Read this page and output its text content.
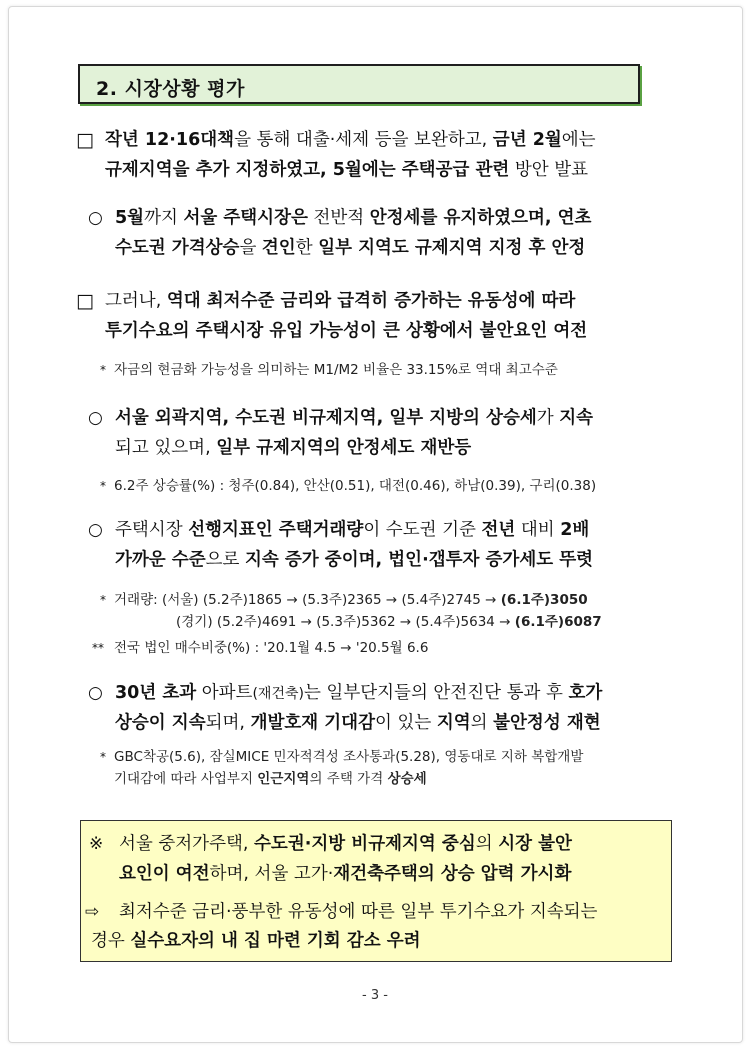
2. 시장상황 평가
□ 작년 12·16대책을 통해 대출·세제 등을 보완하고, 금년 2월에는
규제지역을 추가 지정하였고, 5월에는 주택공급 관련 방안 발표
○ 5월까지 서울 주택시장은 전반적 안정세를 유지하였으며, 연초
수도권 가격상승을 견인한 일부 지역도 규제지역 지정 후 안정
□ 그러나, 역대 최저수준 금리와 급격히 증가하는 유동성에 따라
투기수요의 주택시장 유입 가능성이 큰 상황에서 불안요인 여전
* 자금의 현금화 가능성을 의미하는 M1/M2 비율은 33.15%로 역대 최고수준
○ 서울 외곽지역, 수도권 비규제지역, 일부 지방의 상승세가 지속
되고 있으며, 일부 규제지역의 안정세도 재반등
* 6.2주 상승률(%) : 청주(0.84), 안산(0.51), 대전(0.46), 하남(0.39), 구리(0.38)
○ 주택시장 선행지표인 주택거래량이 수도권 기준 전년 대비 2배
가까운 수준으로 지속 증가 중이며, 법인·갭투자 증가세도 뚜렷
* 거래량: (서울) (5.2주)1865 → (5.3주)2365 → (5.4주)2745 → (6.1주)3050
(경기) (5.2주)4691 → (5.3주)5362 → (5.4주)5634 → (6.1주)6087
** 전국 법인 매수비중(%) : '20.1월 4.5 → '20.5월 6.6
○ 30년 초과 아파트(재건축)는 일부단지들의 안전진단 통과 후 호가
상승이 지속되며, 개발호재 기대감이 있는 지역의 불안정성 재현
* GBC착공(5.6), 잠실MICE 민자적격성 조사통과(5.28), 영동대로 지하 복합개발
기대감에 따라 사업부지 인근지역의 주택 가격 상승세
※ 서울 중저가주택, 수도권·지방 비규제지역 중심의 시장 불안
요인이 여전하며, 서울 고가·재건축주택의 상승 압력 가시화
⇨ 최저수준 금리·풍부한 유동성에 따른 일부 투기수요가 지속되는
경우 실수요자의 내 집 마련 기회 감소 우려
- 3 -
